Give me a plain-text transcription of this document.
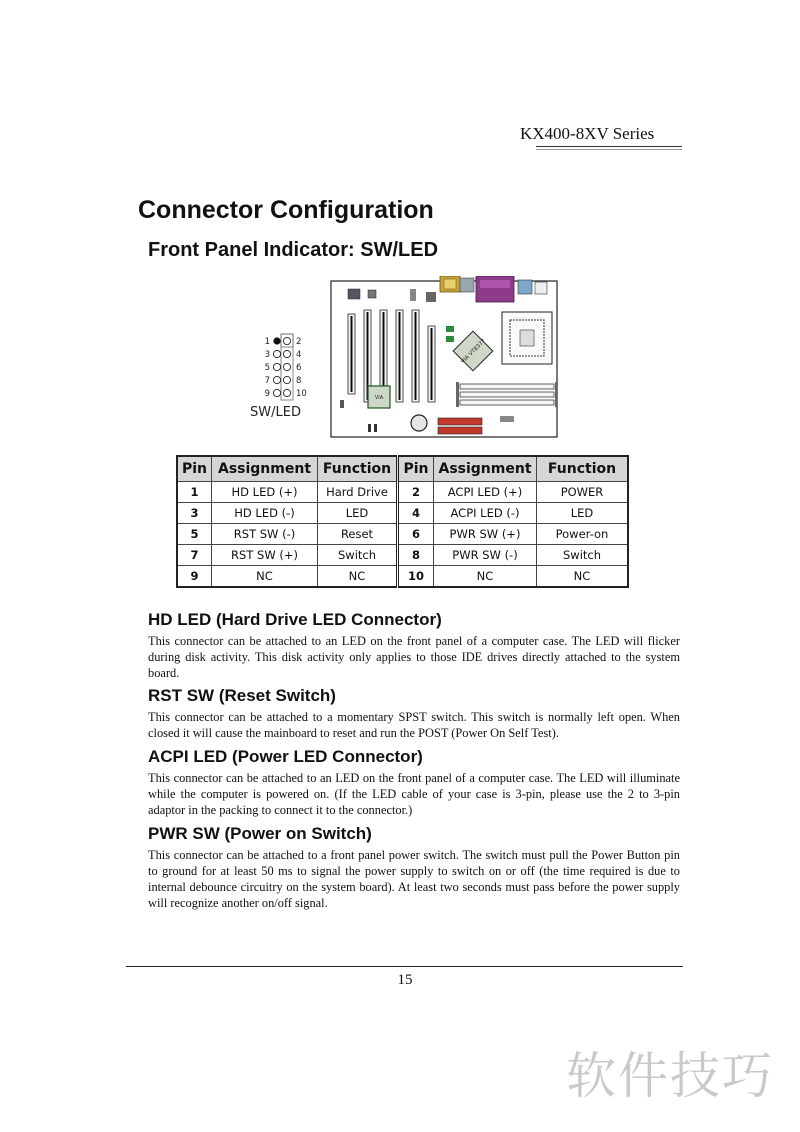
KX400-8XV Series
Connector Configuration
Front Panel Indicator: SW/LED
1
3
5
7
9
2
4
6
8
10
SW/LED
VIA VT8377
VIA
Pin	Assignment	Function	Pin	Assignment	Function
1	HD LED (+)	Hard Drive	2	ACPI LED (+)	POWER
3	HD LED (-)	LED	4	ACPI LED (-)	LED
5	RST SW (-)	Reset	6	PWR SW (+)	Power-on
7	RST SW (+)	Switch	8	PWR SW (-)	Switch
9	NC	NC	10	NC	NC
HD LED (Hard Drive LED Connector)

This connector can be attached to an LED on the front panel of a computer case. The LED will flicker during disk activity. This disk activity only applies to those IDE drives directly attached to the system board.

RST SW (Reset Switch)

This connector can be attached to a momentary SPST switch. This switch is normally left open. When closed it will cause the mainboard to reset and run the POST (Power On Self Test).

ACPI LED (Power LED Connector)

This connector can be attached to an LED on the front panel of a computer case. The LED will illuminate while the computer is powered on. (If the LED cable of your case is 3-pin, please use the 2 to 3-pin adaptor in the packing to connect it to the connector.)

PWR SW (Power on Switch)

This connector can be attached to a front panel power switch. The switch must pull the Power Button pin to ground for at least 50 ms to signal the power supply to switch on or off (the time required is due to internal debounce circuitry on the system board). At least two seconds must pass before the power supply will recognize another on/off signal.

15
软件技巧
